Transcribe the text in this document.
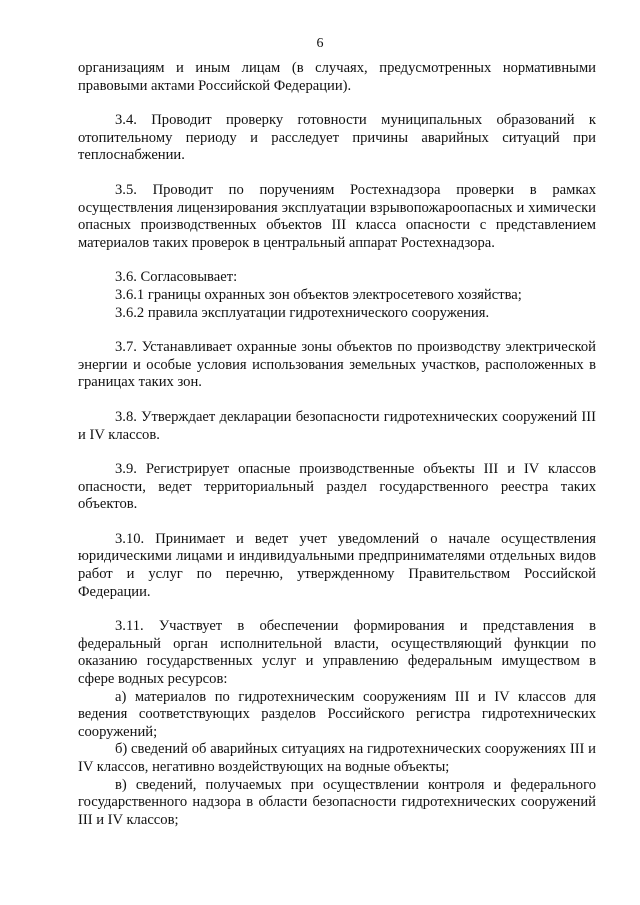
6

организациям и иным лицам (в случаях, предусмотренных нормативными правовыми актами Российской Федерации).

3.4. Проводит проверку готовности муниципальных образований к отопительному периоду и расследует причины аварийных ситуаций при теплоснабжении.

3.5. Проводит по поручениям Ростехнадзора проверки в рамках осуществления лицензирования эксплуатации взрывопожароопасных и химически опасных производственных объектов III класса опасности с представлением материалов таких проверок в центральный аппарат Ростехнадзора.

3.6. Согласовывает:

3.6.1 границы охранных зон объектов электросетевого хозяйства;

3.6.2 правила эксплуатации гидротехнического сооружения.

3.7. Устанавливает охранные зоны объектов по производству электрической энергии и особые условия использования земельных участков, расположенных в границах таких зон.

3.8. Утверждает декларации безопасности гидротехнических сооружений III и IV классов.

3.9. Регистрирует опасные производственные объекты III и IV классов опасности, ведет территориальный раздел государственного реестра таких объектов.

3.10. Принимает и ведет учет уведомлений о начале осуществления юридическими лицами и индивидуальными предпринимателями отдельных видов работ и услуг по перечню, утвержденному Правительством Российской Федерации.

3.11. Участвует в обеспечении формирования и представления в федеральный орган исполнительной власти, осуществляющий функции по оказанию государственных услуг и управлению федеральным имуществом в сфере водных ресурсов:

а) материалов по гидротехническим сооружениям III и IV классов для ведения соответствующих разделов Российского регистра гидротехнических сооружений;

б) сведений об аварийных ситуациях на гидротехнических сооружениях III и IV классов, негативно воздействующих на водные объекты;

в) сведений, получаемых при осуществлении контроля и федерального государственного надзора в области безопасности гидротехнических сооружений III и IV классов;
